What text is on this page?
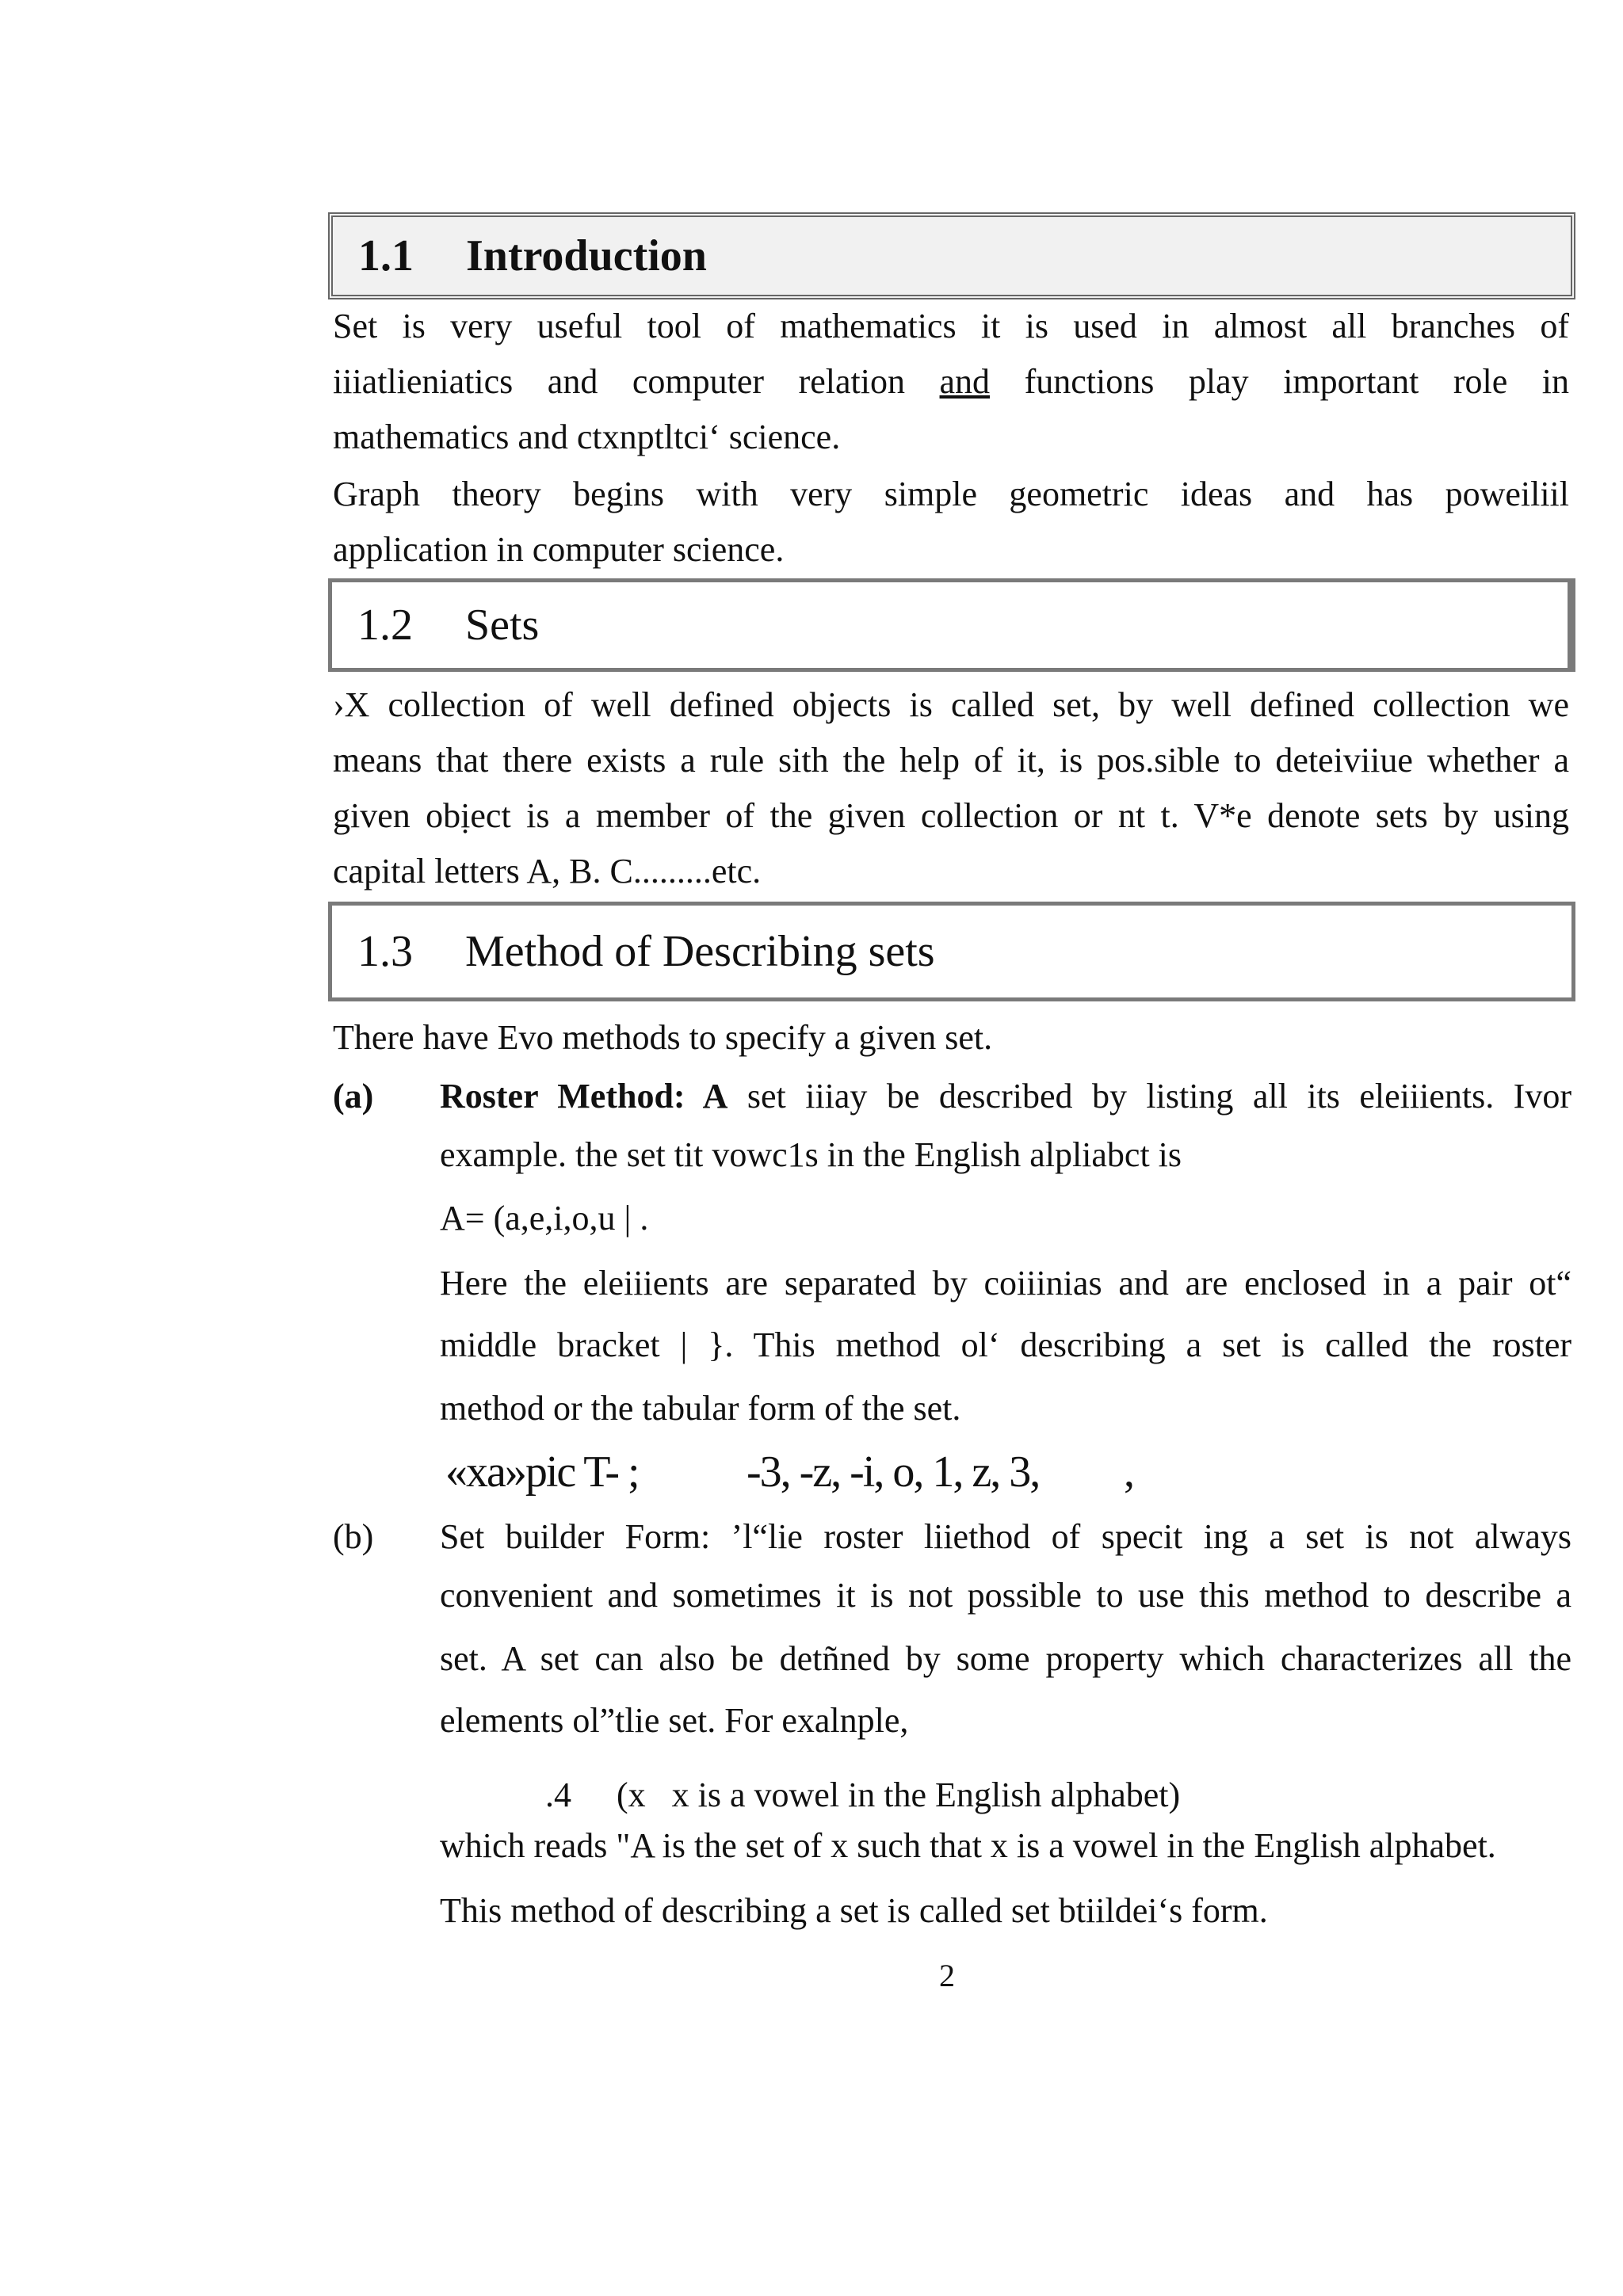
1.1 Introduction
Set is very useful tool of mathematics it is used in almost all branches of
iiiatlieniatics and computer relation and functions play important role in
mathematics and ctxnptltci‘ science.
Graph theory begins with very simple geometric ideas and has poweiliil
application in computer science.
1.2 Sets
›X collection of well defined objects is called set, by well defined collection we
means that there exists a rule sith the help of it, is pos.sible to deteiviiue whether a
given obịect is a member of the given collection or nt t. V*e denote sets by using
capital letters A, B. C.........etc.
1.3 Method of Describing sets
There have Evo methods to specify a given set.
(a) Roster Method: A set iiiay be described by listing all its eleiiients. Ivor
example. the set tit vowc1s in the English alpliabct is
A= (a,e,i,o,u | .
Here the eleiiients are separated by coiiinias and are enclosed in a pair ot“
middle bracket | }. This method ol‘ describing a set is called the roster
method or the tabular form of the set.
«xa»pic T- ; -3, -z, -i, o, 1, z, 3, ,
(b) Set builder Form: ’l“lie roster liiethod of specit ing a set is not always
convenient and sometimes it is not possible to use this method to describe a
set. A set can also be detñned by some property which characterizes all the
elements ol”tlie set. For exalnple,
.4 (x   x is a vowel in the English alphabet)
which reads "A is the set of x such that x is a vowel in the English alphabet.
This method of describing a set is called set btiildei‘s form.
2
